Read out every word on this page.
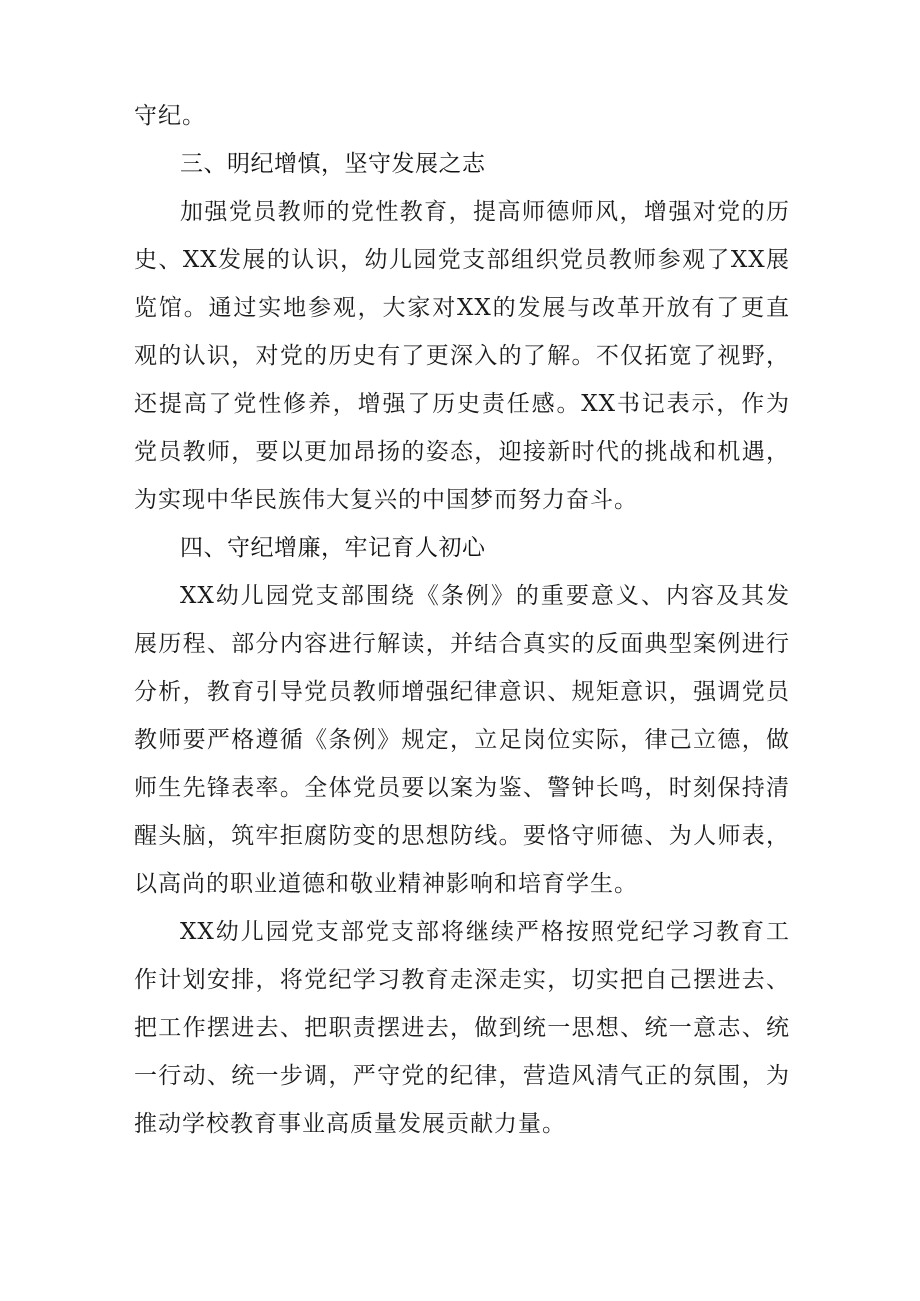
守纪。

三、明纪增慎，坚守发展之志

加强党员教师的党性教育，提高师德师风，增强对党的历史、XX发展的认识，幼儿园党支部组织党员教师参观了XX展览馆。通过实地参观，大家对XX的发展与改革开放有了更直观的认识，对党的历史有了更深入的了解。不仅拓宽了视野，还提高了党性修养，增强了历史责任感。XX书记表示，作为党员教师，要以更加昂扬的姿态，迎接新时代的挑战和机遇，为实现中华民族伟大复兴的中国梦而努力奋斗。

四、守纪增廉，牢记育人初心

XX幼儿园党支部围绕《条例》的重要意义、内容及其发展历程、部分内容进行解读，并结合真实的反面典型案例进行分析，教育引导党员教师增强纪律意识、规矩意识，强调党员教师要严格遵循《条例》规定，立足岗位实际，律己立德，做师生先锋表率。全体党员要以案为鉴、警钟长鸣，时刻保持清醒头脑，筑牢拒腐防变的思想防线。要恪守师德、为人师表，以高尚的职业道德和敬业精神影响和培育学生。

XX幼儿园党支部党支部将继续严格按照党纪学习教育工作计划安排，将党纪学习教育走深走实，切实把自己摆进去、把工作摆进去、把职责摆进去，做到统一思想、统一意志、统一行动、统一步调，严守党的纪律，营造风清气正的氛围，为推动学校教育事业高质量发展贡献力量。
